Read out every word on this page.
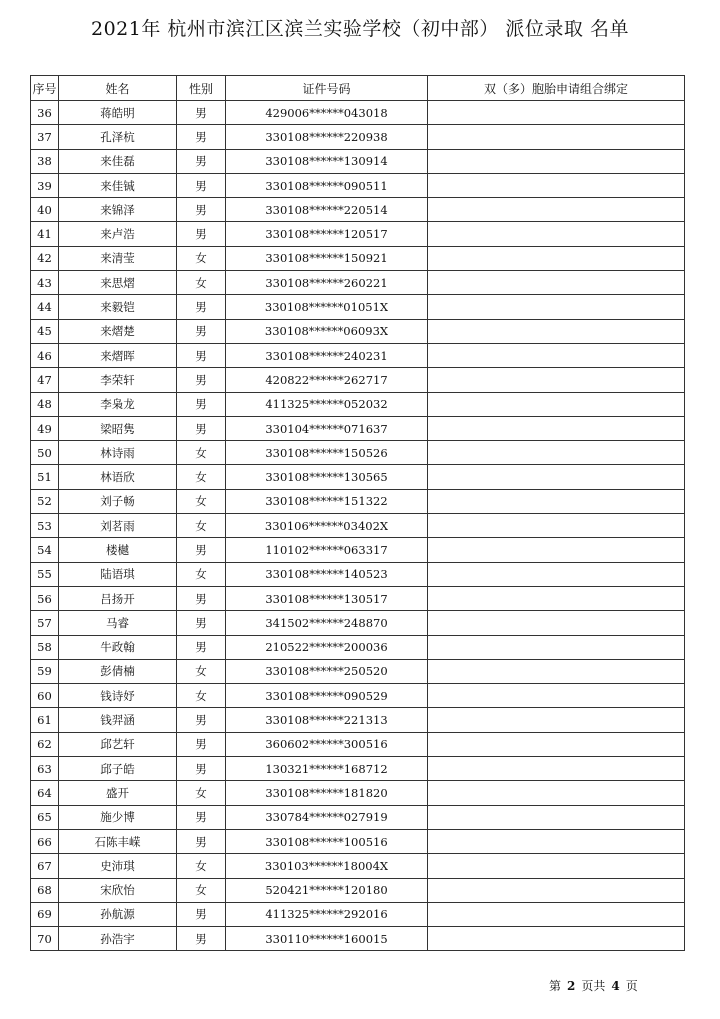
2021年 杭州市滨江区滨兰实验学校（初中部） 派位录取 名单
序号	姓名	性别	证件号码	双（多）胞胎申请组合绑定
36	蒋皓明	男	429006******043018	
37	孔泽杭	男	330108******220938	
38	来佳磊	男	330108******130914	
39	来佳铖	男	330108******090511	
40	来锦泽	男	330108******220514	
41	来卢浩	男	330108******120517	
42	来清莹	女	330108******150921	
43	来思熠	女	330108******260221	
44	来毅铠	男	330108******01051X	
45	来熠楚	男	330108******06093X	
46	来熠晖	男	330108******240231	
47	李荣轩	男	420822******262717	
48	李枭龙	男	411325******052032	
49	梁昭隽	男	330104******071637	
50	林诗雨	女	330108******150526	
51	林语欣	女	330108******130565	
52	刘子畅	女	330108******151322	
53	刘茗雨	女	330106******03402X	
54	楼樾	男	110102******063317	
55	陆语琪	女	330108******140523	
56	吕扬开	男	330108******130517	
57	马睿	男	341502******248870	
58	牛政翰	男	210522******200036	
59	彭倩楠	女	330108******250520	
60	钱诗妤	女	330108******090529	
61	钱羿涵	男	330108******221313	
62	邱艺轩	男	360602******300516	
63	邱子皓	男	130321******168712	
64	盛开	女	330108******181820	
65	施少博	男	330784******027919	
66	石陈丰嵘	男	330108******100516	
67	史沛琪	女	330103******18004X	
68	宋欣怡	女	520421******120180	
69	孙航源	男	411325******292016	
70	孙浩宇	男	330110******160015	
第 2 页共 4 页
